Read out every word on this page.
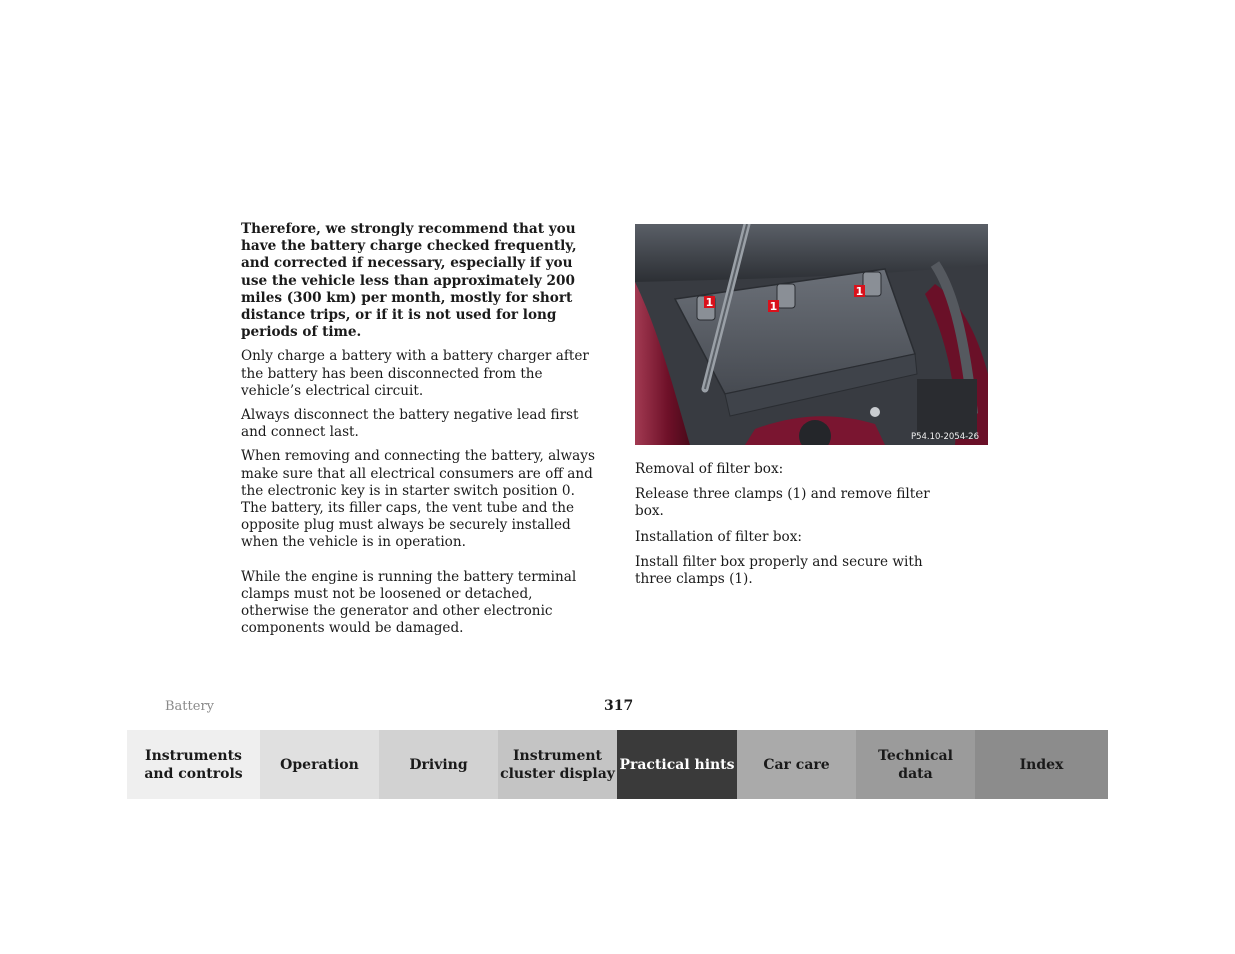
Therefore, we strongly recommend that you have the battery charge checked frequently, and corrected if necessary, especially if you use the vehicle less than approximately 200 miles (300 km) per month, mostly for short distance trips, or if it is not used for long periods of time.

Only charge a battery with a battery charger after the battery has been disconnected from the vehicle’s electrical circuit.

Always disconnect the battery negative lead first and connect last.

When removing and connecting the battery, always make sure that all electrical consumers are off and the electronic key is in starter switch position 0. The battery, its filler caps, the vent tube and the opposite plug must always be securely installed when the vehicle is in operation.

While the engine is running the battery terminal clamps must not be loosened or detached, otherwise the generator and other electronic components would be damaged.

1	1
1
P54.10-2054-26

Removal of filter box:

Release three clamps (1) and remove filter box.

Installation of filter box:

Install filter box properly and secure with three clamps (1).

Battery	317
Instruments
and controls
Operation	Driving
Instrument
cluster display
Practical hints Car care
Technical
data
Index
